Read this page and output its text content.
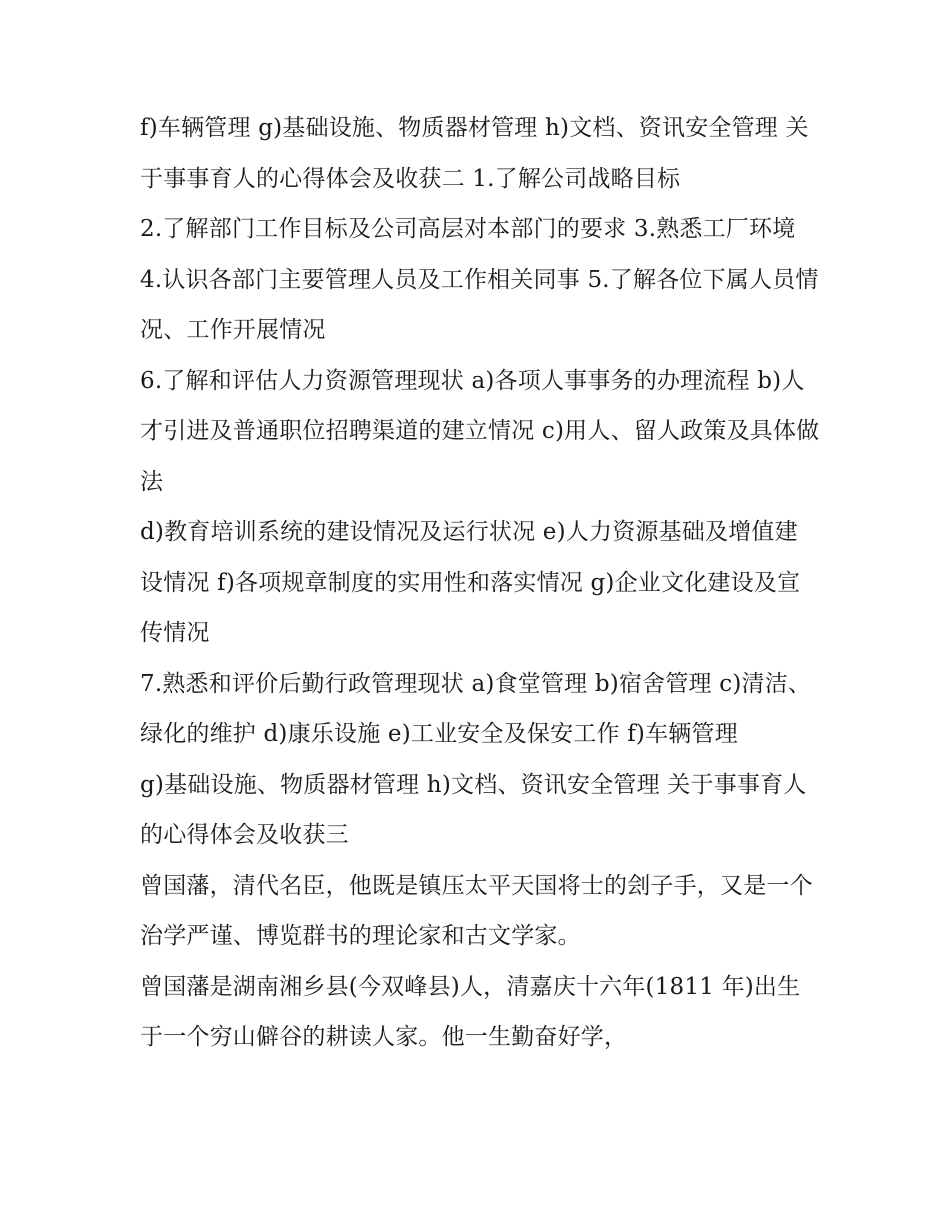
f)车辆管理 g)基础设施、物质器材管理 h)文档、资讯安全管理 关于事事育人的心得体会及收获二 1.了解公司战略目标

2.了解部门工作目标及公司高层对本部门的要求 3.熟悉工厂环境 4.认识各部门主要管理人员及工作相关同事 5.了解各位下属人员情况、工作开展情况

6.了解和评估人力资源管理现状 a)各项人事事务的办理流程 b)人才引进及普通职位招聘渠道的建立情况 c)用人、留人政策及具体做法

d)教育培训系统的建设情况及运行状况 e)人力资源基础及增值建设情况 f)各项规章制度的实用性和落实情况 g)企业文化建设及宣传情况

7.熟悉和评价后勤行政管理现状 a)食堂管理 b)宿舍管理 c)清洁、绿化的维护 d)康乐设施 e)工业安全及保安工作 f)车辆管理

g)基础设施、物质器材管理 h)文档、资讯安全管理 关于事事育人的心得体会及收获三

曾国藩，清代名臣，他既是镇压太平天国将士的刽子手，又是一个治学严谨、博览群书的理论家和古文学家。

曾国藩是湖南湘乡县(今双峰县)人，清嘉庆十六年(1811 年)出生于一个穷山僻谷的耕读人家。他一生勤奋好学，
